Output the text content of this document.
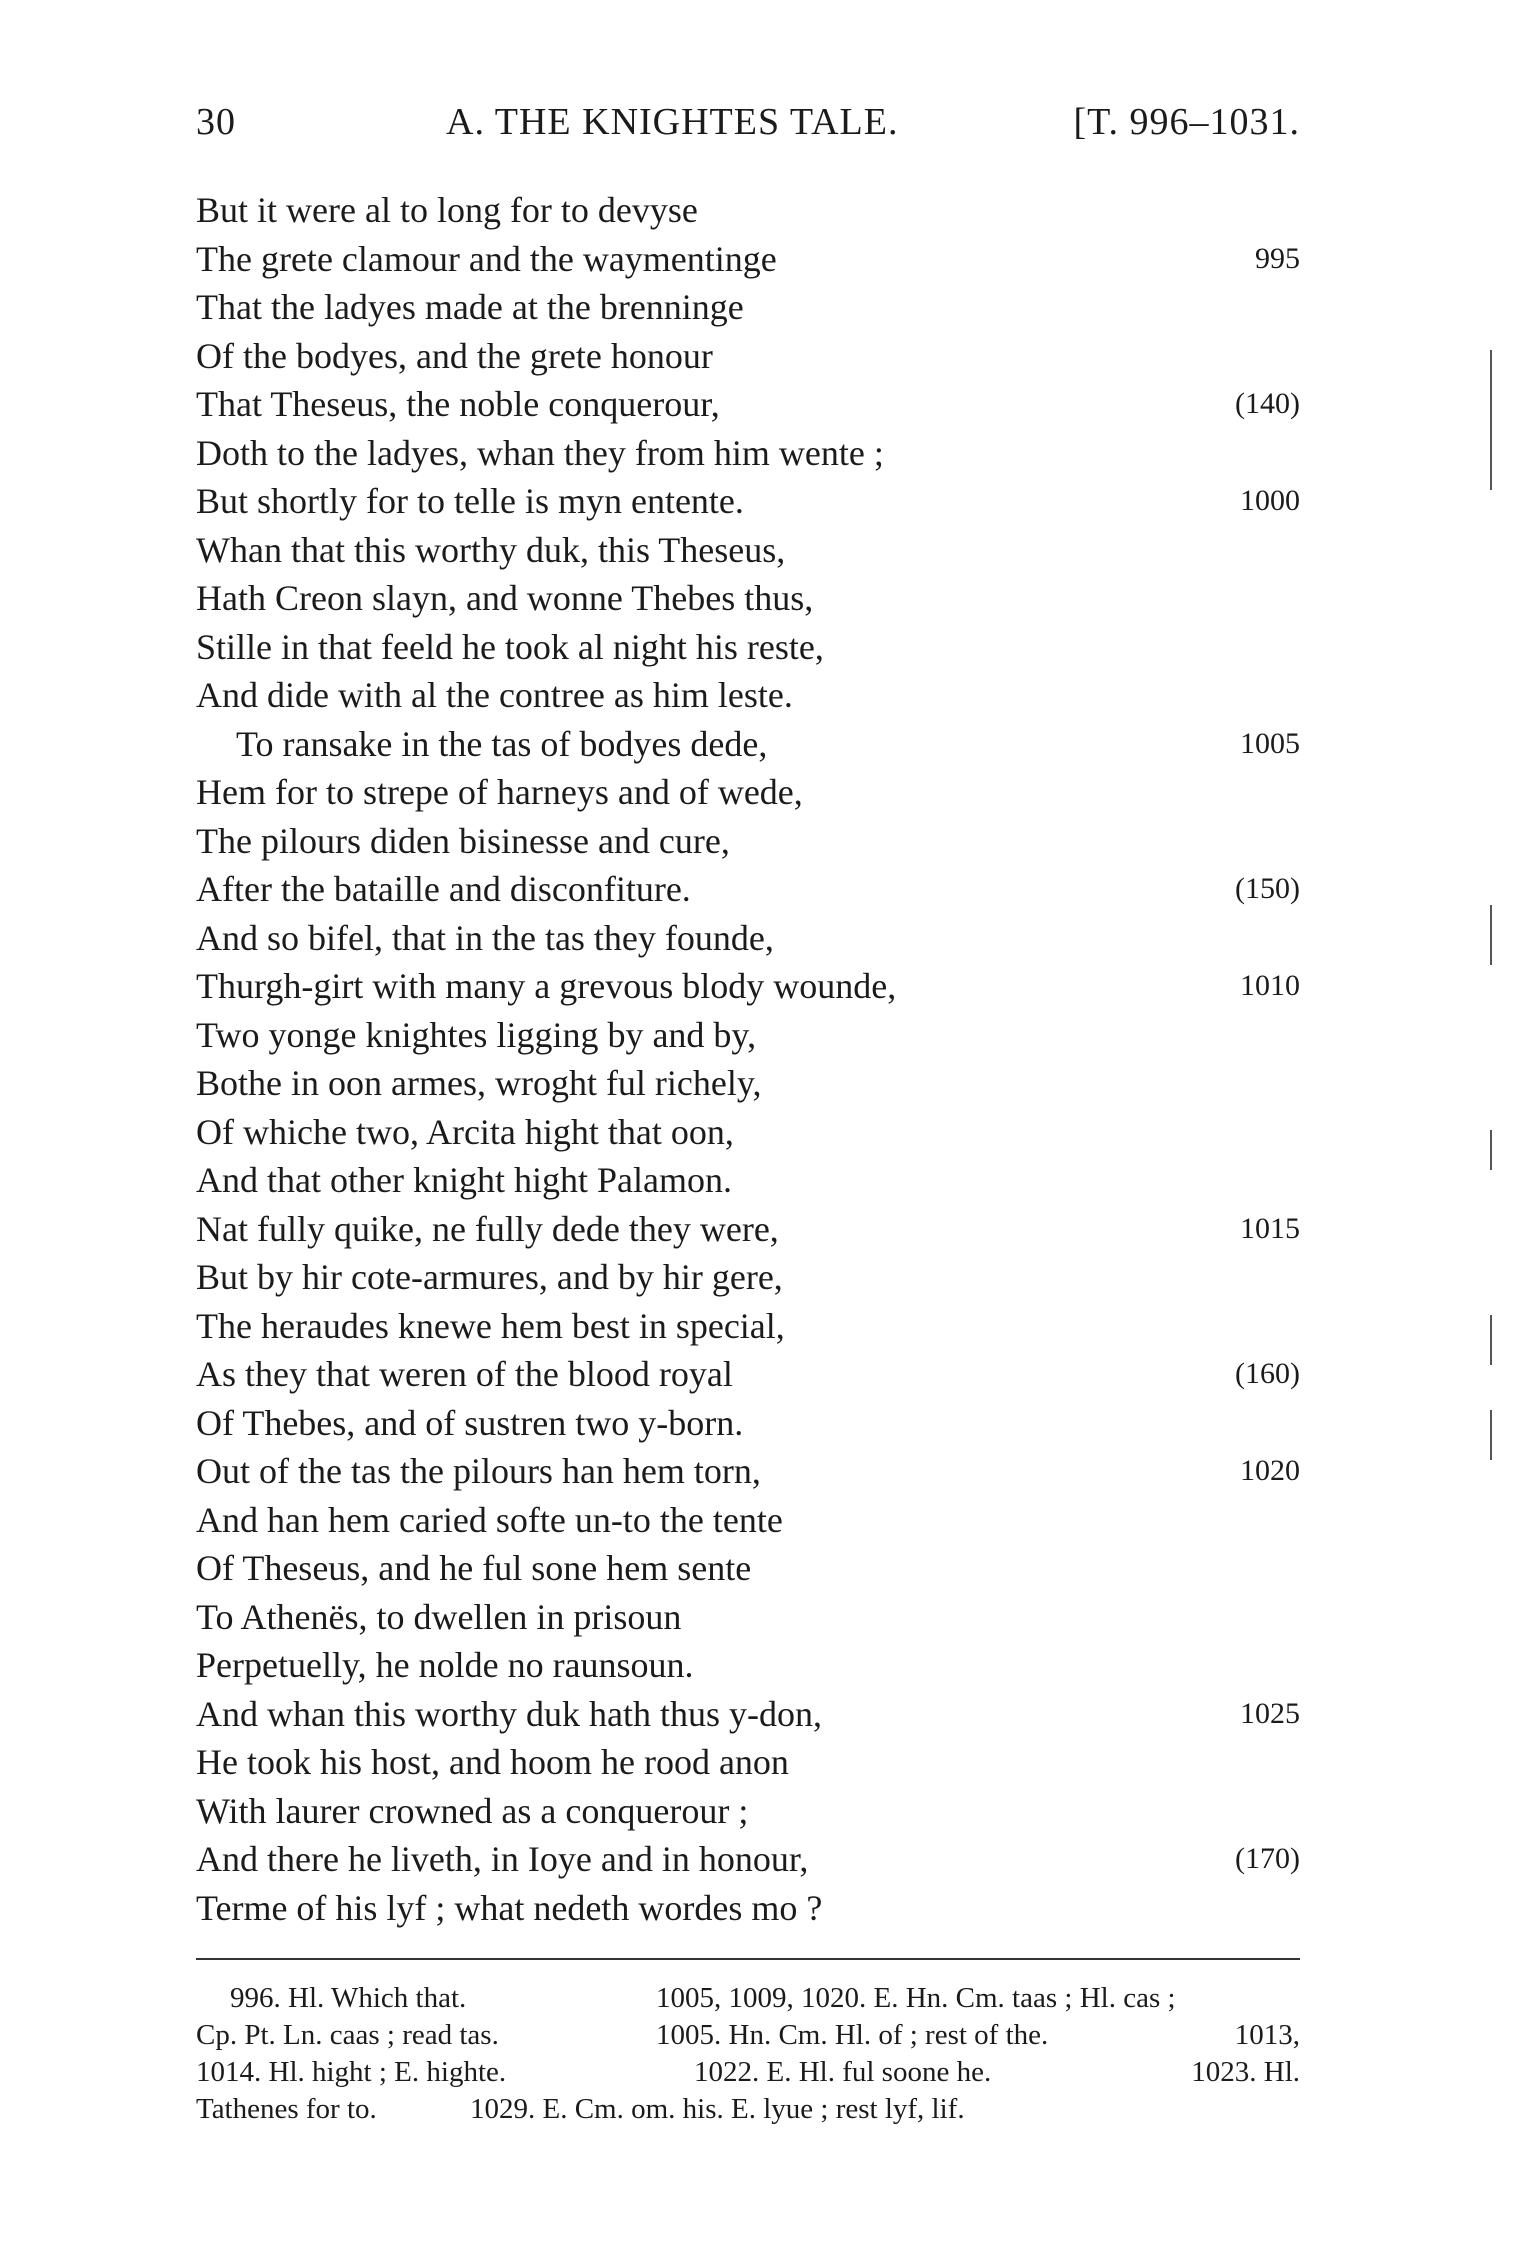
30	A. THE KNIGHTES TALE.	[T. 996–1031.
But it were al to long for to devyse
The grete clamour and the waymentinge	995
That the ladyes made at the brenninge
Of the bodyes, and the grete honour
That Theseus, the noble conquerour,	(140)
Doth to the ladyes, whan they from him wente ;
But shortly for to telle is myn entente.	1000
Whan that this worthy duk, this Theseus,
Hath Creon slayn, and wonne Thebes thus,
Stille in that feeld he took al night his reste,
And dide with al the contree as him leste.
To ransake in the tas of bodyes dede,	1005
Hem for to strepe of harneys and of wede,
The pilours diden bisinesse and cure,
After the bataille and disconfiture.	(150)
And so bifel, that in the tas they founde,
Thurgh-girt with many a grevous blody wounde,	1010
Two yonge knightes ligging by and by,
Bothe in oon armes, wroght ful richely,
Of whiche two, Arcita hight that oon,
And that other knight hight Palamon.
Nat fully quike, ne fully dede they were,	1015
But by hir cote-armures, and by hir gere,
The heraudes knewe hem best in special,
As they that weren of the blood royal	(160)
Of Thebes, and of sustren two y-born.
Out of the tas the pilours han hem torn,	1020
And han hem caried softe un-to the tente
Of Theseus, and he ful sone hem sente
To Athenës, to dwellen in prisoun
Perpetuelly, he nolde no raunsoun.
And whan this worthy duk hath thus y-don,	1025
He took his host, and hoom he rood anon
With laurer crowned as a conquerour ;
And there he liveth, in Ioye and in honour,	(170)
Terme of his lyf ; what nedeth wordes mo ?
996. Hl. Which that.	1005, 1009, 1020. E. Hn. Cm. taas ; Hl. cas ;
Cp. Pt. Ln. caas ; read tas.	1005. Hn. Cm. Hl. of ; rest of the.	1013,
1014. Hl. hight ; E. highte.	1022. E. Hl. ful soone he.	1023. Hl.
Tathenes for to.	1029. E. Cm. om. his. E. lyue ; rest lyf, lif.
